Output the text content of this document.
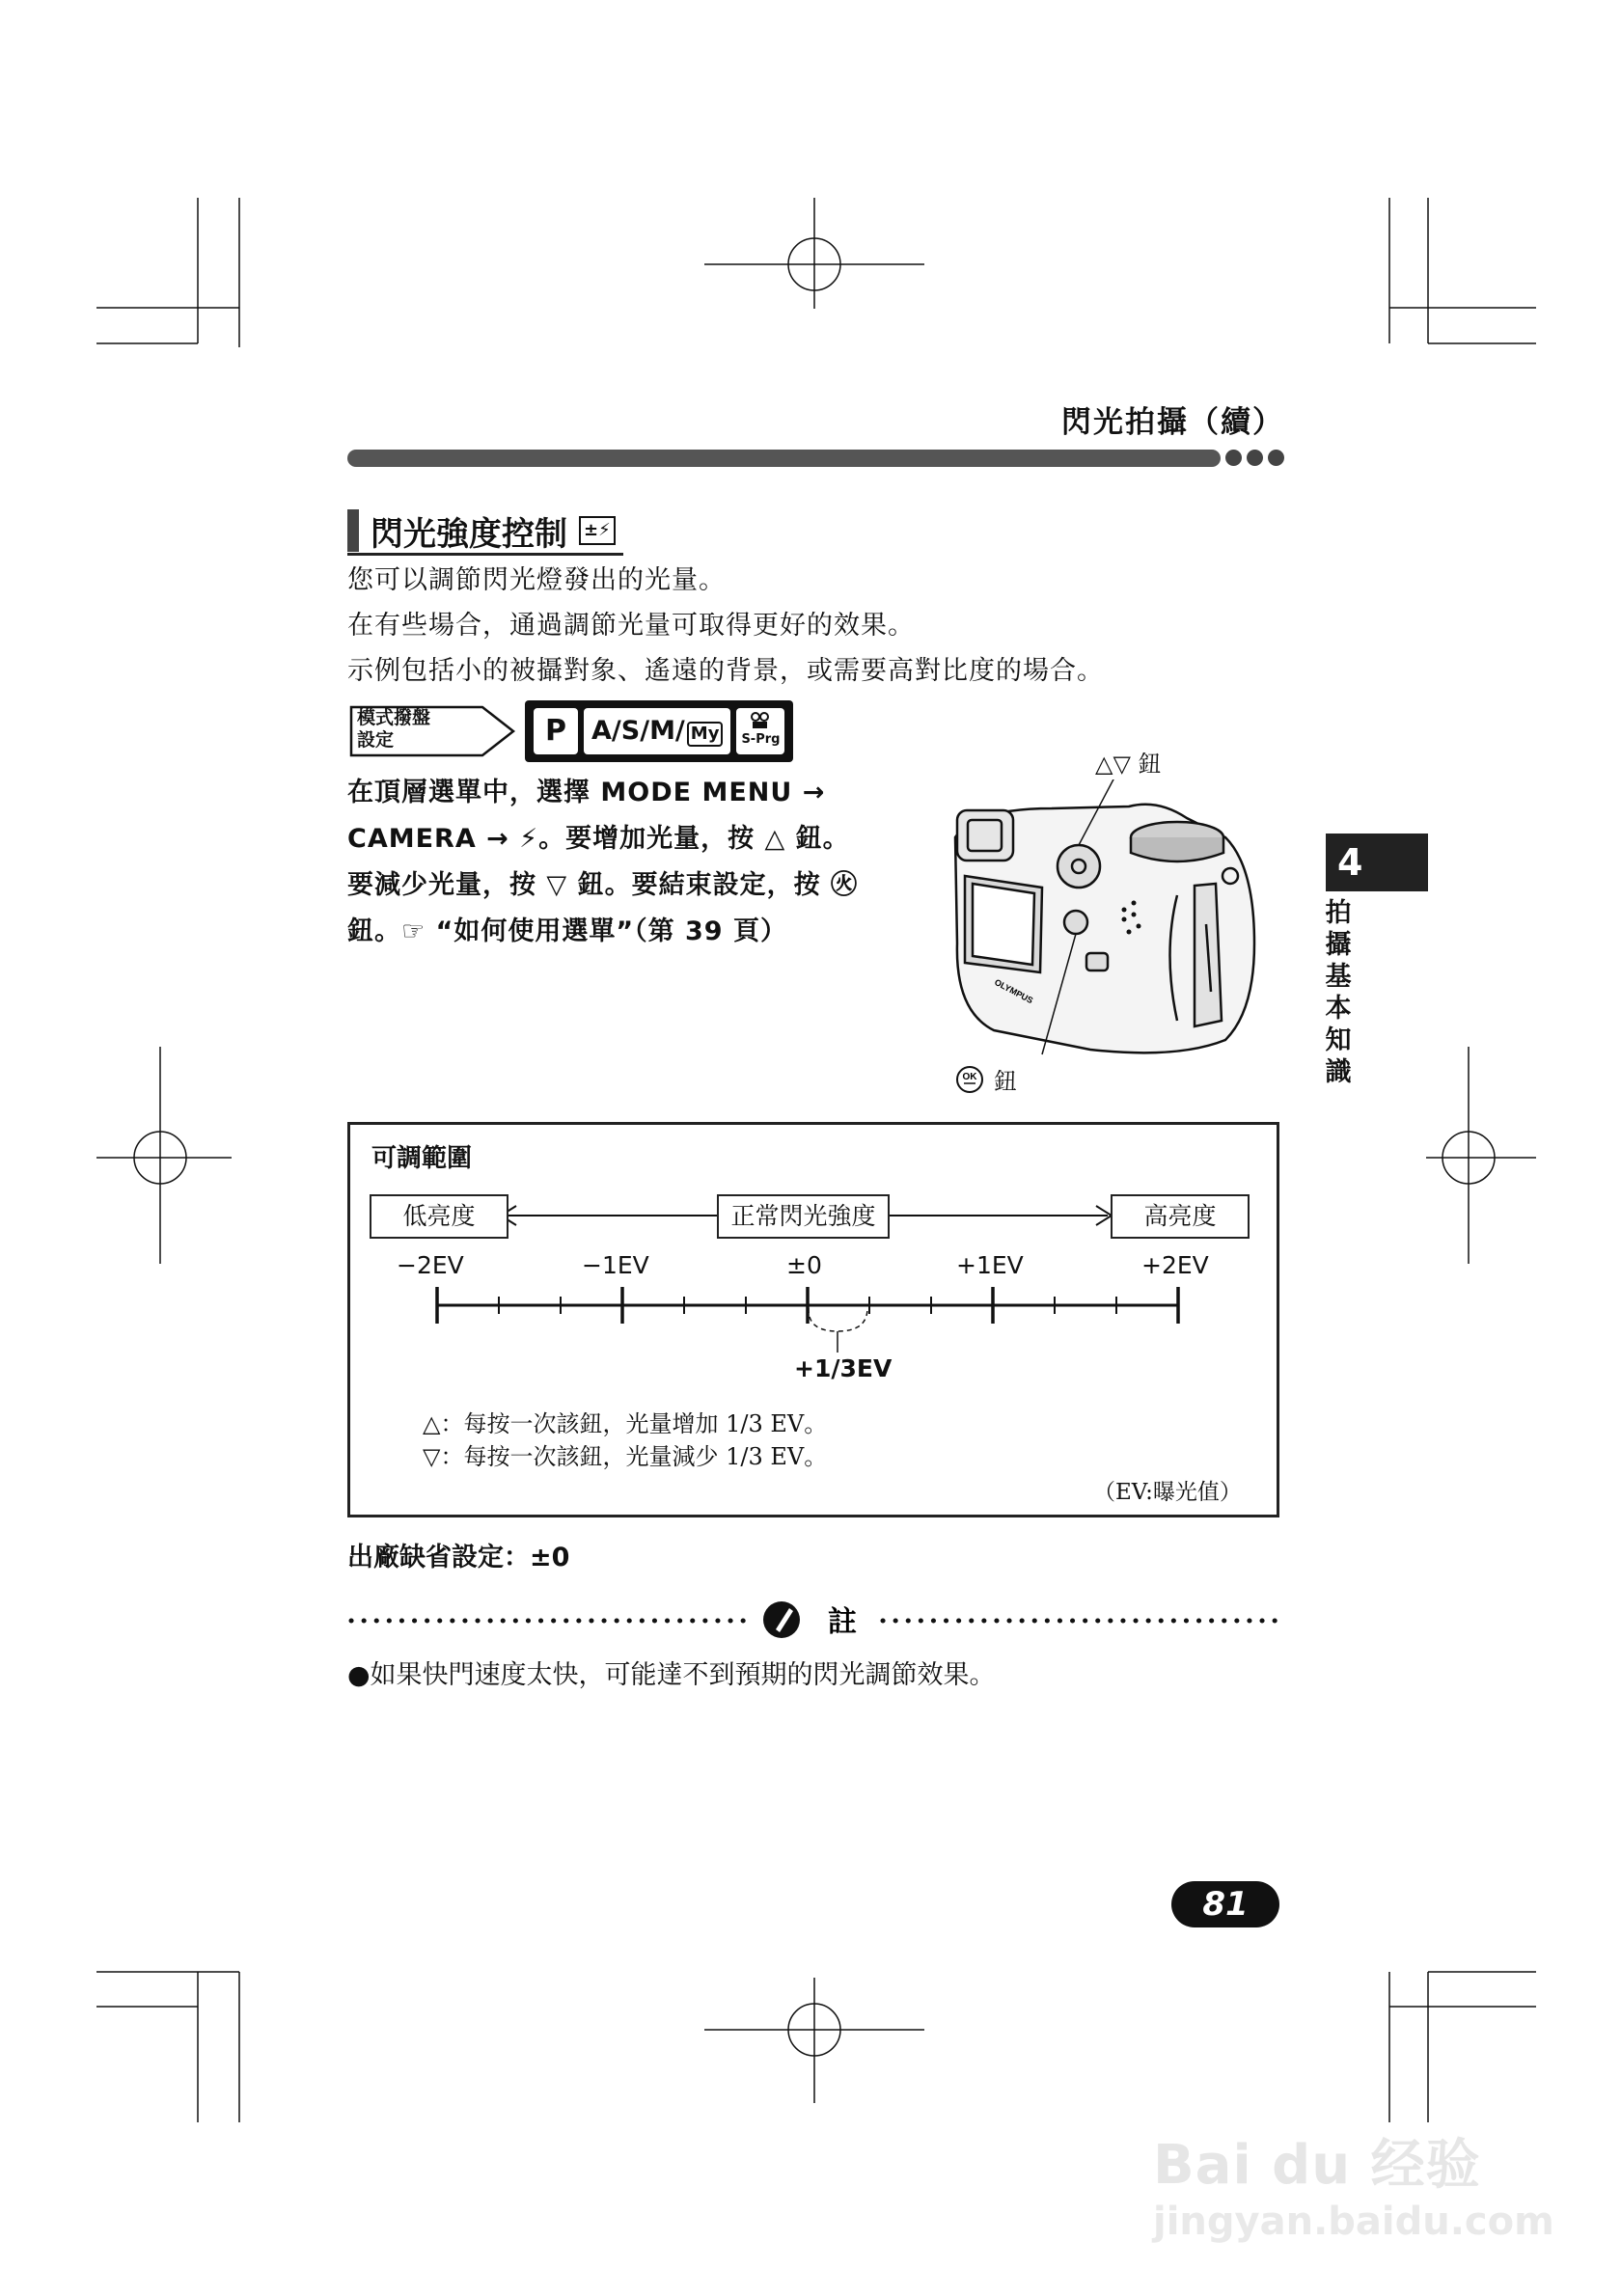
閃光拍攝（續）
閃光強度控制 ±⚡

您可以調節閃光燈發出的光量。

在有些場合，通過調節光量可取得更好的效果。

示例包括小的被攝對象、遙遠的背景，或需要高對比度的場合。

模式撥盤
設定	P A/S/M/ My	S-Prg
在頂層選單中，選擇 MODE MENU →
CAMERA → ⚡。要增加光量，按 △ 鈕。
要減少光量，按 ▽ 鈕。要結束設定，按 ㊋
鈕。☞ “如何使用選單”（第 39 頁）
△▽ 鈕
OLYMPUS
OK 鈕
可調範圍
低亮度	正常閃光強度	高亮度
−2EV	−1EV	±0	+1EV	+2EV
+1/3EV
△：每按一次該鈕，光量增加 1/3 EV。
▽：每按一次該鈕，光量減少 1/3 EV。
（EV:曝光值）
出廠缺省設定：±0
註
●如果快門速度太快，可能達不到預期的閃光調節效果。
81
4
拍
攝
基
本
知
識
Bai du 经验
jingyan.baidu.com
